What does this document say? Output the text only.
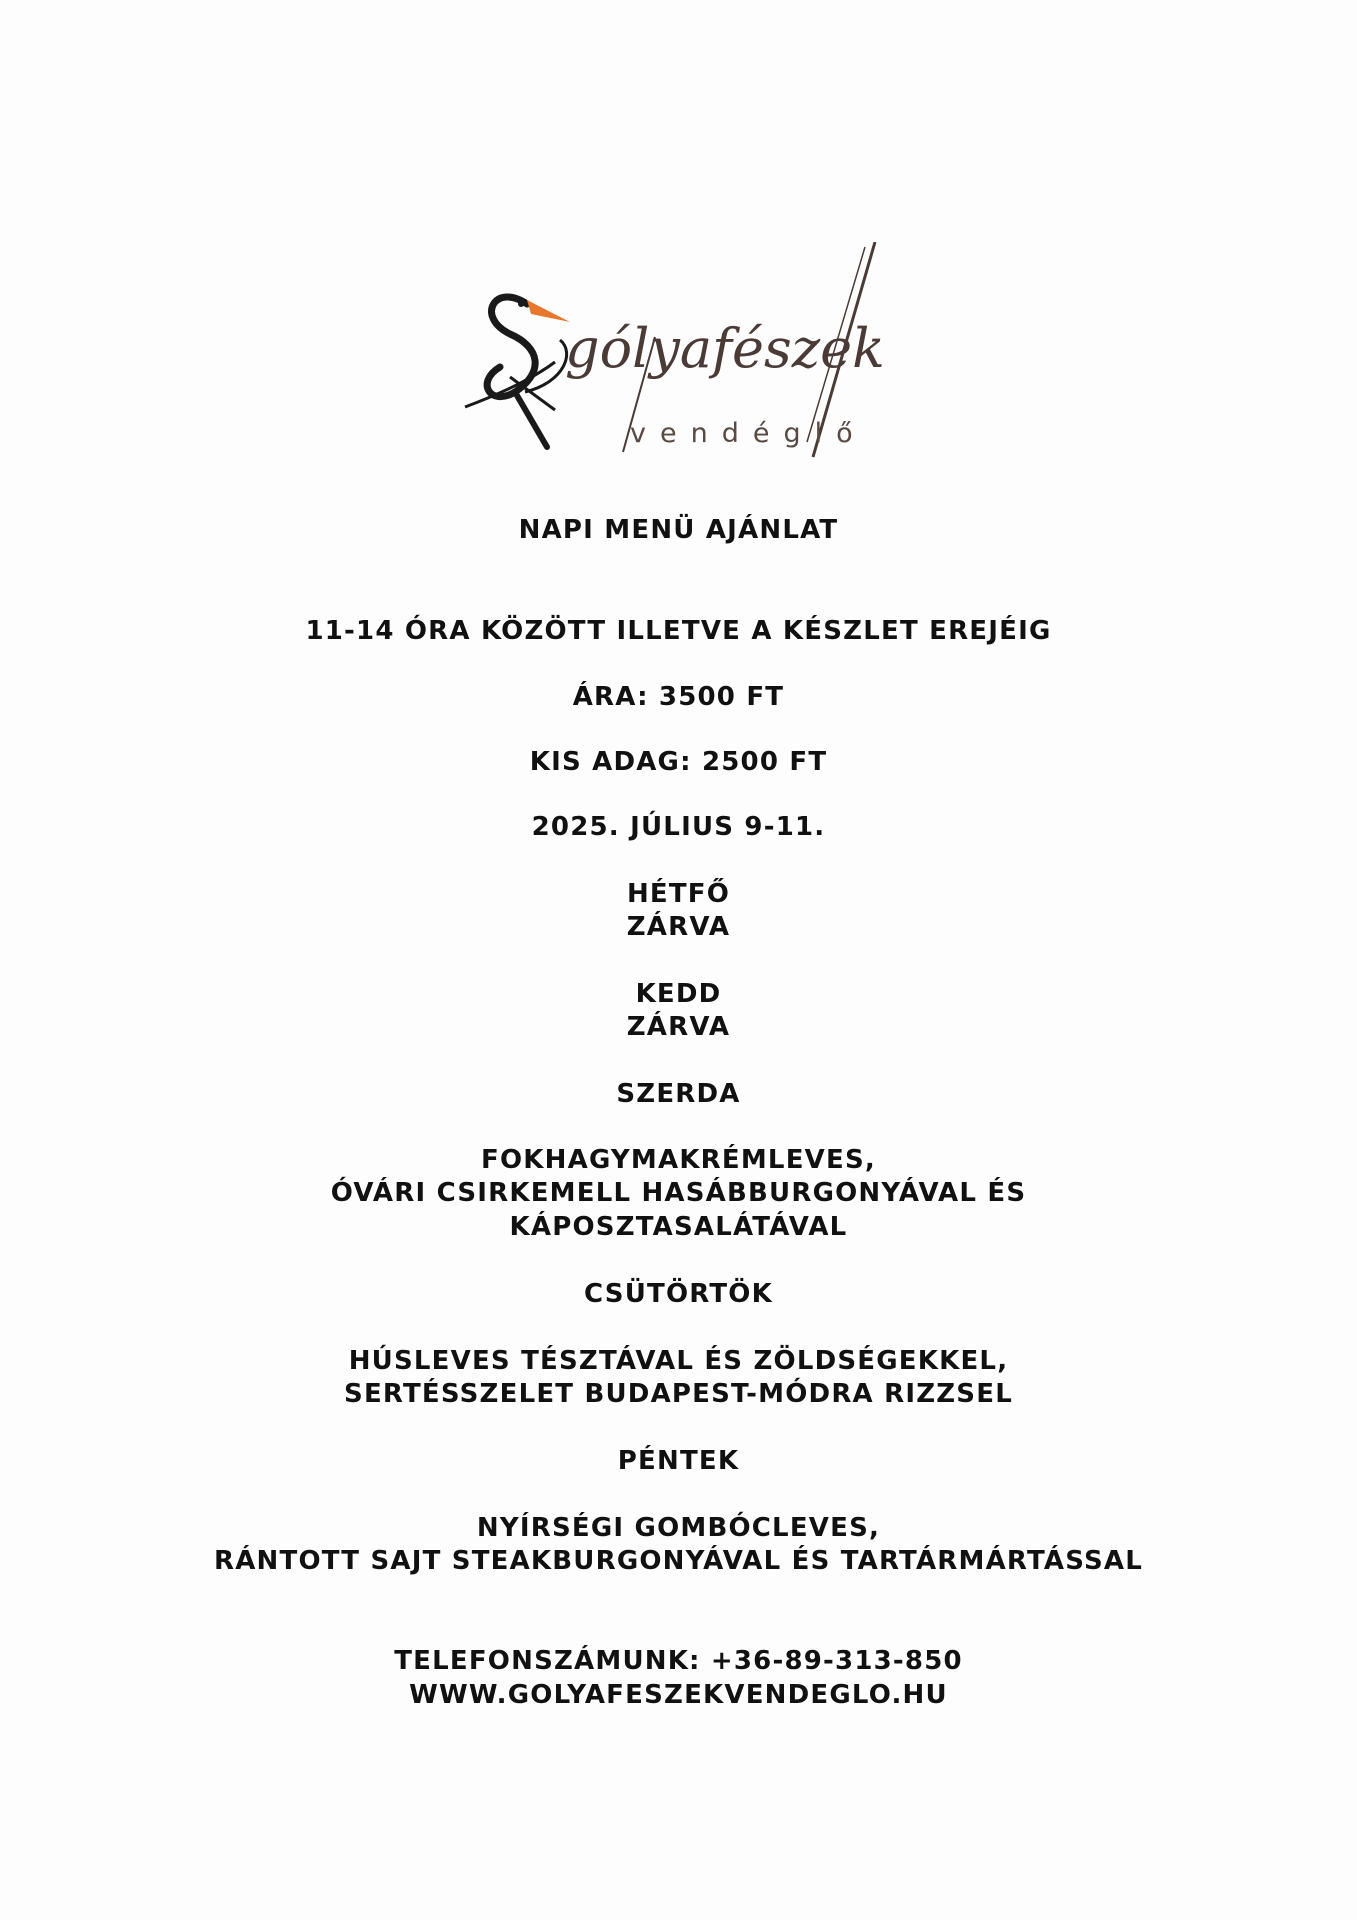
gólyafészek
vendéglő
NAPI MENÜ AJÁNLAT
11-14 ÓRA KÖZÖTT ILLETVE A KÉSZLET EREJÉIG
ÁRA: 3500 FT
KIS ADAG: 2500 FT
2025. JÚLIUS 9-11.
HÉTFŐ
ZÁRVA
KEDD
ZÁRVA
SZERDA
FOKHAGYMAKRÉMLEVES,
ÓVÁRI CSIRKEMELL HASÁBBURGONYÁVAL ÉS
KÁPOSZTASALÁTÁVAL
CSÜTÖRTÖK
HÚSLEVES TÉSZTÁVAL ÉS ZÖLDSÉGEKKEL,
SERTÉSSZELET BUDAPEST-MÓDRA RIZZSEL
PÉNTEK
NYÍRSÉGI GOMBÓCLEVES,
RÁNTOTT SAJT STEAKBURGONYÁVAL ÉS TARTÁRMÁRTÁSSAL
TELEFONSZÁMUNK: +36-89-313-850
WWW.GOLYAFESZEKVENDEGLO.HU
